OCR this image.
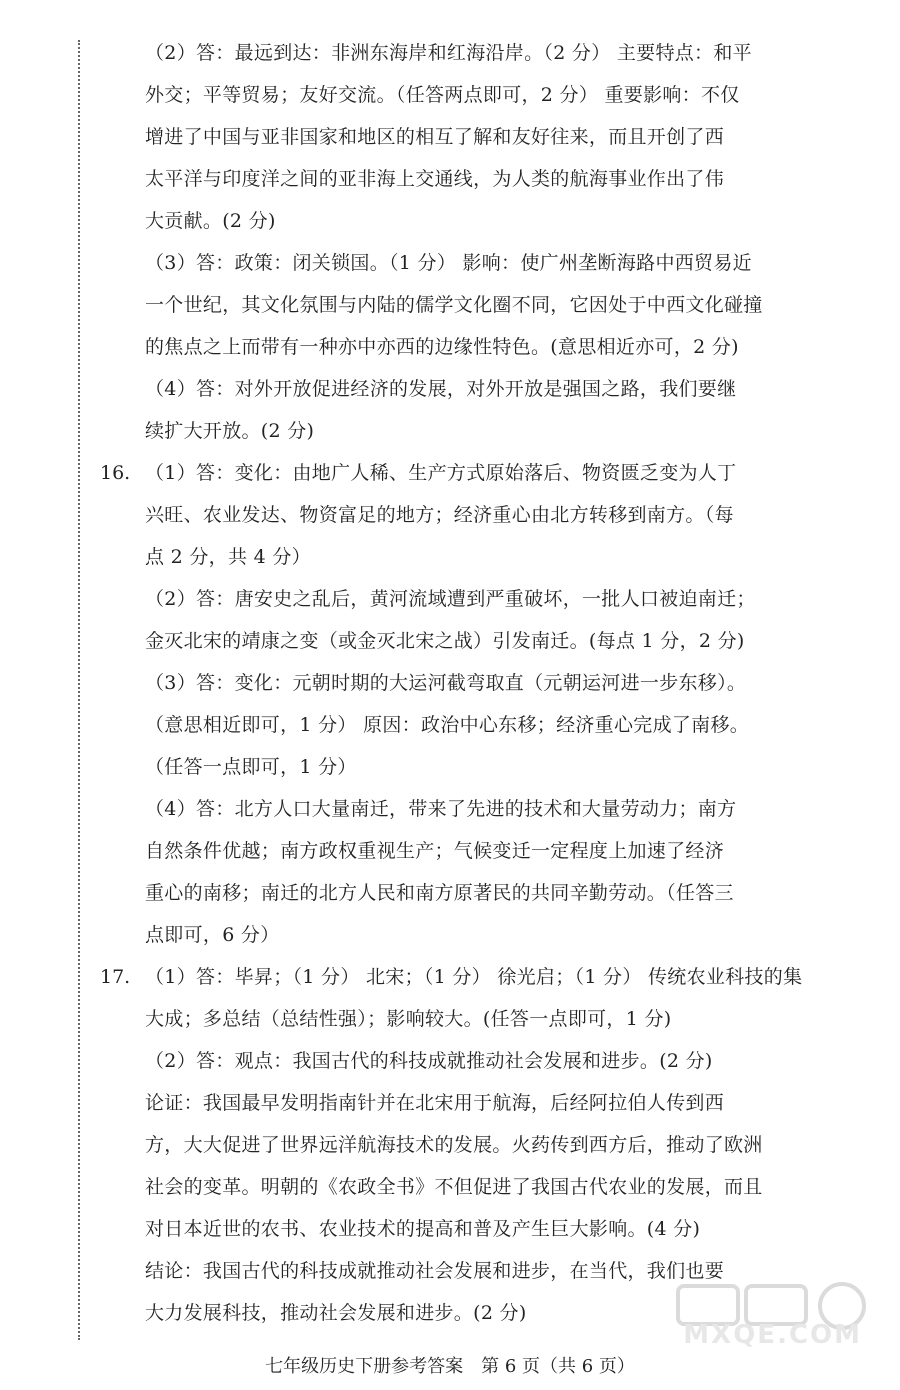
（2）答：最远到达：非洲东海岸和红海沿岸。（2 分） 主要特点：和平
外交；平等贸易；友好交流。（任答两点即可，2 分） 重要影响：不仅
增进了中国与亚非国家和地区的相互了解和友好往来，而且开创了西
太平洋与印度洋之间的亚非海上交通线，为人类的航海事业作出了伟
大贡献。(2 分)
（3）答：政策：闭关锁国。（1 分） 影响：使广州垄断海路中西贸易近
一个世纪，其文化氛围与内陆的儒学文化圈不同，它因处于中西文化碰撞
的焦点之上而带有一种亦中亦西的边缘性特色。(意思相近亦可，2 分)
（4）答：对外开放促进经济的发展，对外开放是强国之路，我们要继
续扩大开放。(2 分)
16. （1）答：变化：由地广人稀、生产方式原始落后、物资匮乏变为人丁
兴旺、农业发达、物资富足的地方；经济重心由北方转移到南方。（每
点 2 分，共 4 分）
（2）答：唐安史之乱后，黄河流域遭到严重破坏，一批人口被迫南迁；
金灭北宋的靖康之变（或金灭北宋之战）引发南迁。(每点 1 分，2 分)
（3）答：变化：元朝时期的大运河截弯取直（元朝运河进一步东移）。
（意思相近即可，1 分） 原因：政治中心东移；经济重心完成了南移。
（任答一点即可，1 分）
（4）答：北方人口大量南迁，带来了先进的技术和大量劳动力；南方
自然条件优越；南方政权重视生产；气候变迁一定程度上加速了经济
重心的南移；南迁的北方人民和南方原著民的共同辛勤劳动。（任答三
点即可，6 分）
17. （1）答：毕昇；（1 分） 北宋；（1 分） 徐光启；（1 分） 传统农业科技的集
大成；多总结（总结性强）；影响较大。(任答一点即可，1 分)
（2）答：观点：我国古代的科技成就推动社会发展和进步。(2 分)
论证：我国最早发明指南针并在北宋用于航海，后经阿拉伯人传到西
方，大大促进了世界远洋航海技术的发展。火药传到西方后，推动了欧洲
社会的变革。明朝的《农政全书》不但促进了我国古代农业的发展，而且
对日本近世的农书、农业技术的提高和普及产生巨大影响。(4 分)
结论：我国古代的科技成就推动社会发展和进步，在当代，我们也要
大力发展科技，推动社会发展和进步。(2 分)
七年级历史下册参考答案　第 6 页（共 6 页）
MXQE.COM
